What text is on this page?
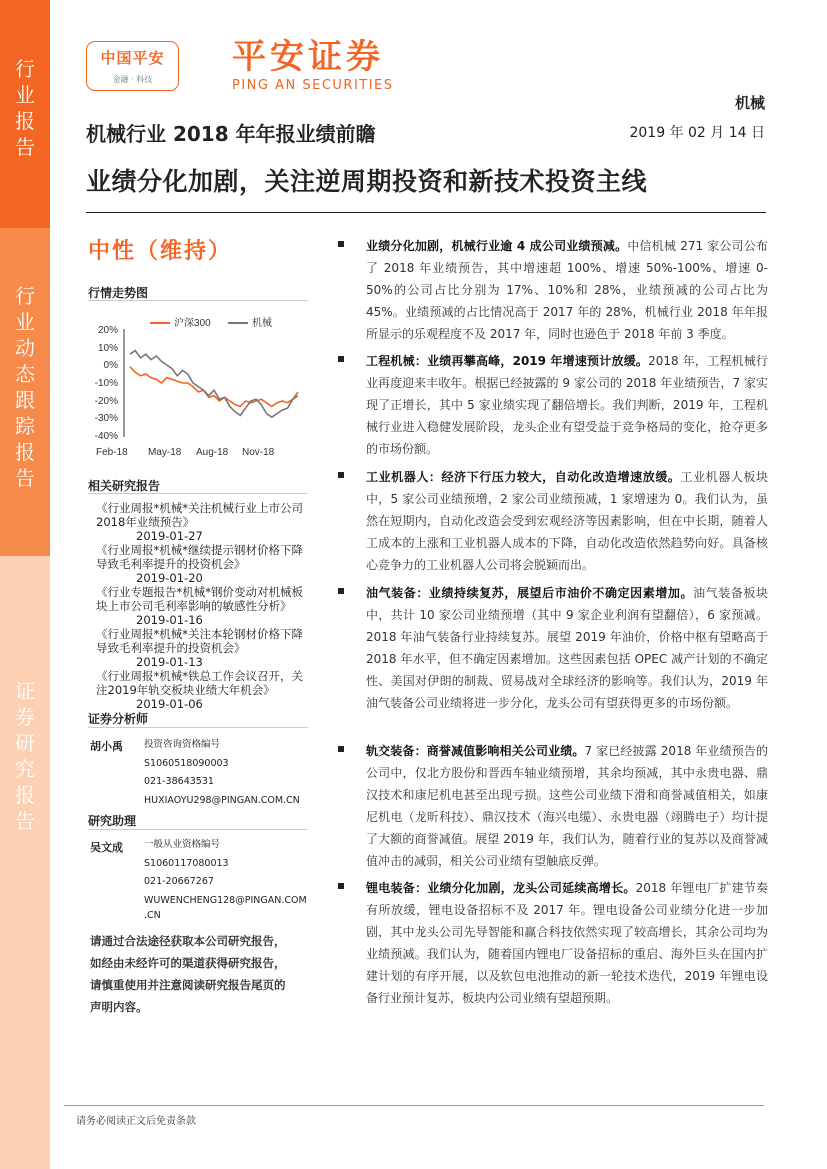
行
业
报
告
行
业
动
态
跟
踪
报
告
证
券
研
究
报
告
中国平安
金融 · 科技
平安证券
PING AN SECURITIES
机械
机械行业 2018 年年报业绩前瞻	2019 年 02 月 14 日
业绩分化加剧，关注逆周期投资和新技术投资主线
中性（维持）
行情走势图
沪深300	机械
20%
10%
0%
-10%
-20%
-30%
-40%
Feb-18 May-18 Aug-18 Nov-18
相关研究报告
《行业周报*机械*关注机械行业上市公司2018年业绩预告》
2019-01-27
《行业周报*机械*继续提示钢材价格下降导致毛利率提升的投资机会》
2019-01-20
《行业专题报告*机械*钢价变动对机械板块上市公司毛利率影响的敏感性分析》
2019-01-16
《行业周报*机械*关注本轮钢材价格下降导致毛利率提升的投资机会》
2019-01-13
《行业周报*机械*铁总工作会议召开，关注2019年轨交板块业绩大年机会》
2019-01-06
证券分析师
胡小禹 投资咨询资格编号
S1060518090003
021-38643531
HUXIAOYU298@PINGAN.COM.CN
研究助理
吴文成 一般从业资格编号
S1060117080013
021-20667267
WUWENCHENG128@PINGAN.COM
.CN
请通过合法途径获取本公司研究报告，如经由未经许可的渠道获得研究报告，请慎重使用并注意阅读研究报告尾页的声明内容。

业绩分化加剧，机械行业逾 4 成公司业绩预减。中信机械 271 家公司公布了 2018 年业绩预告，其中增速超 100%、增速 50%-100%、增速 0-50%的公司占比分别为 17%、10%和 28%，业绩预减的公司占比为 45%。业绩预减的占比情况高于 2017 年的 28%，机械行业 2018 年年报所显示的乐观程度不及 2017 年，同时也逊色于 2018 年前 3 季度。

工程机械：业绩再攀高峰，2019 年增速预计放缓。2018 年，工程机械行业再度迎来丰收年。根据已经披露的 9 家公司的 2018 年业绩预告，7 家实现了正增长，其中 5 家业绩实现了翻倍增长。我们判断，2019 年，工程机械行业进入稳健发展阶段，龙头企业有望受益于竞争格局的变化，抢夺更多的市场份额。

工业机器人：经济下行压力较大，自动化改造增速放缓。工业机器人板块中，5 家公司业绩预增，2 家公司业绩预减，1 家增速为 0。我们认为，虽然在短期内，自动化改造会受到宏观经济等因素影响，但在中长期，随着人工成本的上涨和工业机器人成本的下降，自动化改造依然趋势向好。具备核心竞争力的工业机器人公司将会脱颖而出。

油气装备：业绩持续复苏，展望后市油价不确定因素增加。油气装备板块中，共计 10 家公司业绩预增（其中 9 家企业利润有望翻倍），6 家预减。2018 年油气装备行业持续复苏。展望 2019 年油价，价格中枢有望略高于 2018 年水平，但不确定因素增加。这些因素包括 OPEC 减产计划的不确定性、美国对伊朗的制裁、贸易战对全球经济的影响等。我们认为，2019 年油气装备公司业绩将进一步分化，龙头公司有望获得更多的市场份额。

轨交装备：商誉减值影响相关公司业绩。7 家已经披露 2018 年业绩预告的公司中，仅北方股份和晋西车轴业绩预增，其余均预减，其中永贵电器、鼎汉技术和康尼机电甚至出现亏损。这些公司业绩下滑和商誉减值相关，如康尼机电（龙昕科技）、鼎汉技术（海兴电缆）、永贵电器（翊腾电子）均计提了大额的商誉减值。展望 2019 年，我们认为，随着行业的复苏以及商誉减值冲击的减弱，相关公司业绩有望触底反弹。

锂电装备：业绩分化加剧，龙头公司延续高增长。2018 年锂电厂扩建节奏有所放缓，锂电设备招标不及 2017 年。锂电设备公司业绩分化进一步加剧，其中龙头公司先导智能和赢合科技依然实现了较高增长，其余公司均为业绩预减。我们认为，随着国内锂电厂设备招标的重启、海外巨头在国内扩建计划的有序开展，以及软包电池推动的新一轮技术迭代，2019 年锂电设备行业预计复苏，板块内公司业绩有望超预期。

请务必阅读正文后免责条款
